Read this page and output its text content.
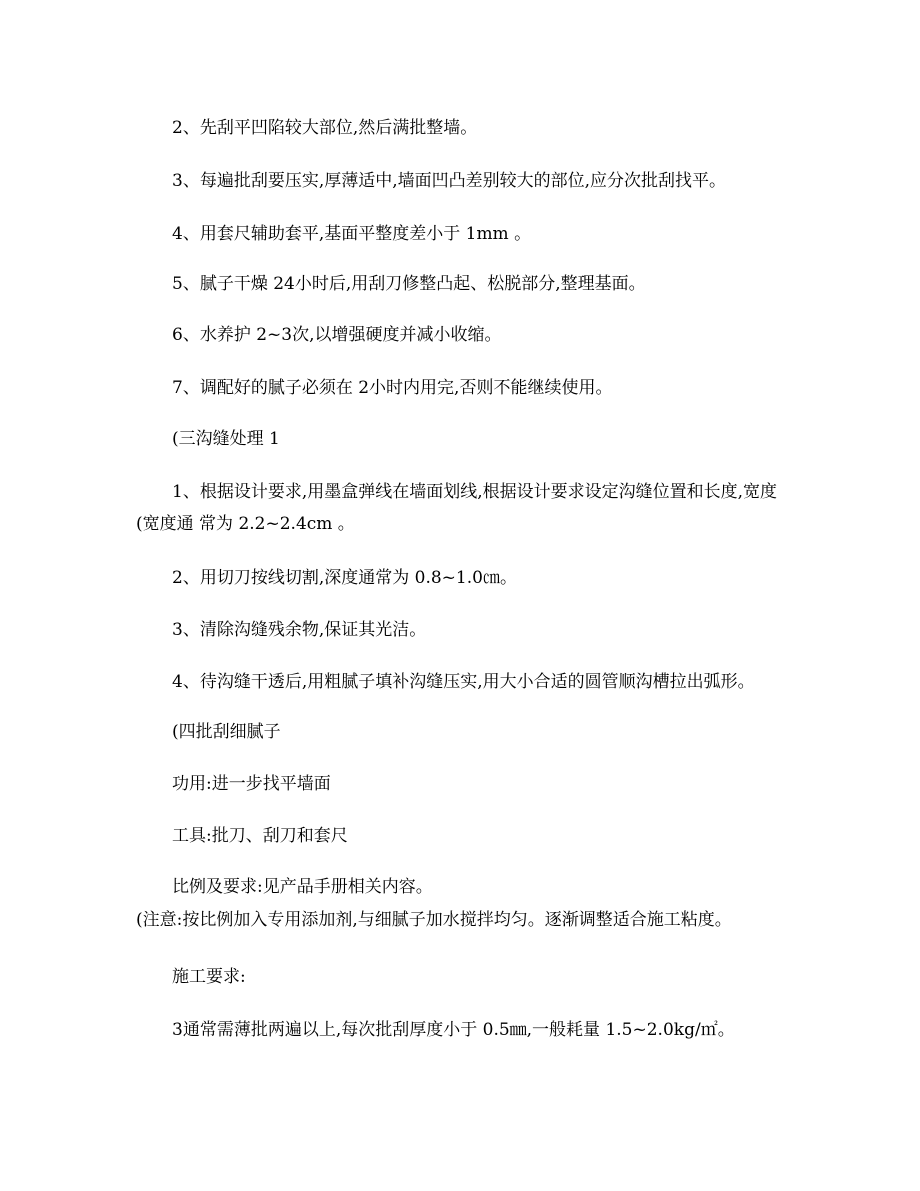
2、先刮平凹陷较大部位,然后满批整墙。
3、每遍批刮要压实,厚薄适中,墙面凹凸差别较大的部位,应分次批刮找平。
4、用套尺辅助套平,基面平整度差小于 1mm 。
5、腻子干燥 24小时后,用刮刀修整凸起、松脱部分,整理基面。
6、水养护 2~3次,以增强硬度并减小收缩。
7、调配好的腻子必须在 2小时内用完,否则不能继续使用。
(三沟缝处理 1
1、根据设计要求,用墨盒弹线在墙面划线,根据设计要求设定沟缝位置和长度,宽度(宽度通 常为 2.2~2.4cm 。
2、用切刀按线切割,深度通常为 0.8~1.0㎝。
3、清除沟缝残余物,保证其光洁。
4、待沟缝干透后,用粗腻子填补沟缝压实,用大小合适的圆管顺沟槽拉出弧形。
(四批刮细腻子
功用:进一步找平墙面
工具:批刀、刮刀和套尺
比例及要求:见产品手册相关内容。
(注意:按比例加入专用添加剂,与细腻子加水搅拌均匀。逐渐调整适合施工粘度。
施工要求:
3通常需薄批两遍以上,每次批刮厚度小于 0.5㎜,一般耗量 1.5~2.0kg/㎡。
